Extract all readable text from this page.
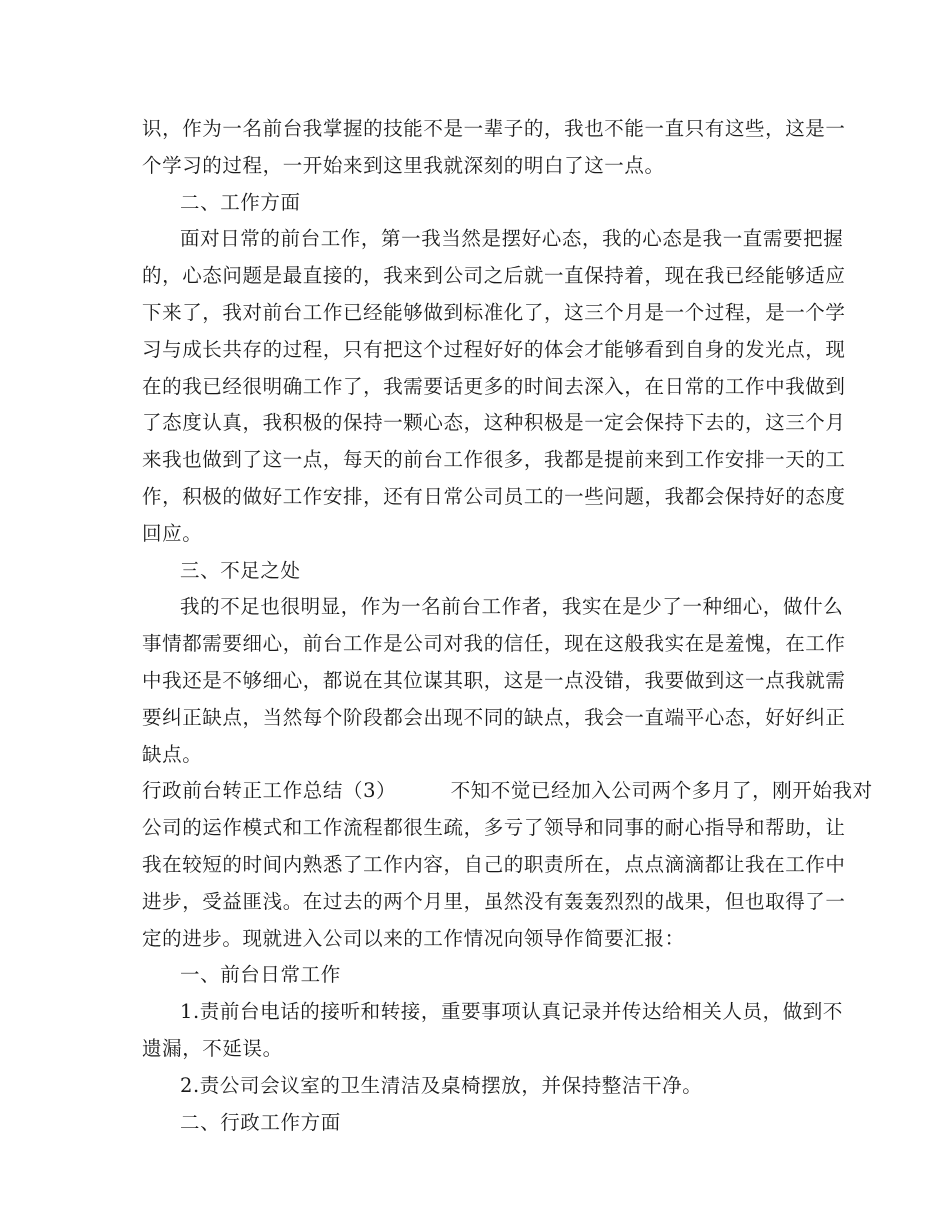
识，作为一名前台我掌握的技能不是一辈子的，我也不能一直只有这些，这是一
个学习的过程，一开始来到这里我就深刻的明白了这一点。
二、工作方面
面对日常的前台工作，第一我当然是摆好心态，我的心态是我一直需要把握
的，心态问题是最直接的，我来到公司之后就一直保持着，现在我已经能够适应
下来了，我对前台工作已经能够做到标准化了，这三个月是一个过程，是一个学
习与成长共存的过程，只有把这个过程好好的体会才能够看到自身的发光点，现
在的我已经很明确工作了，我需要话更多的时间去深入，在日常的工作中我做到
了态度认真，我积极的保持一颗心态，这种积极是一定会保持下去的，这三个月
来我也做到了这一点，每天的前台工作很多，我都是提前来到工作安排一天的工
作，积极的做好工作安排，还有日常公司员工的一些问题，我都会保持好的态度
回应。
三、不足之处
我的不足也很明显，作为一名前台工作者，我实在是少了一种细心，做什么
事情都需要细心，前台工作是公司对我的信任，现在这般我实在是羞愧，在工作
中我还是不够细心，都说在其位谋其职，这是一点没错，我要做到这一点我就需
要纠正缺点，当然每个阶段都会出现不同的缺点，我会一直端平心态，好好纠正
缺点。
行政前台转正工作总结（3）        不知不觉已经加入公司两个多月了，刚开始我对
公司的运作模式和工作流程都很生疏，多亏了领导和同事的耐心指导和帮助，让
我在较短的时间内熟悉了工作内容，自己的职责所在，点点滴滴都让我在工作中
进步，受益匪浅。在过去的两个月里，虽然没有轰轰烈烈的战果，但也取得了一
定的进步。现就进入公司以来的工作情况向领导作简要汇报：
一、前台日常工作
1.责前台电话的接听和转接，重要事项认真记录并传达给相关人员，做到不
遗漏，不延误。
2.责公司会议室的卫生清洁及桌椅摆放，并保持整洁干净。
二、行政工作方面
